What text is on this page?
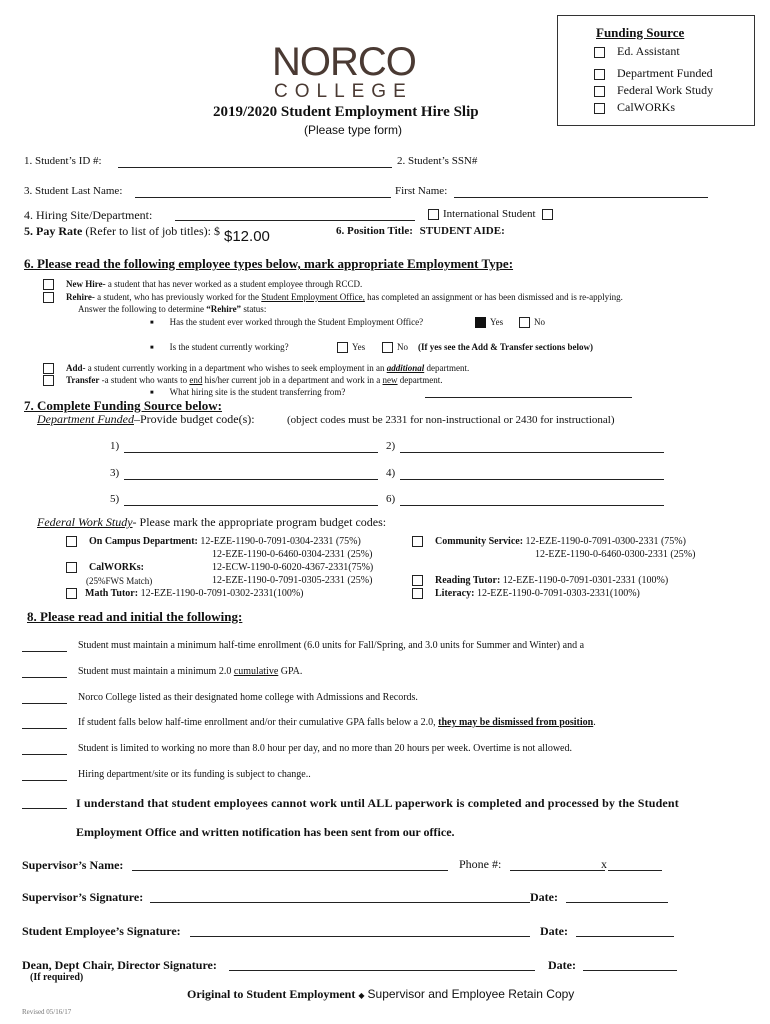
Funding Source
Ed. Assistant
Department Funded
Federal Work Study
CalWORKs
NORCO
COLLEGE
2019/2020 Student Employment Hire Slip
(Please type form)
1. Student’s ID #:	2. Student’s SSN#
3. Student Last Name:	First Name:
4. Hiring Site/Department:	International Student
5. Pay Rate (Refer to list of job titles): $ $12.00	6. Position Title: STUDENT AIDE:
6. Please read the following employee types below, mark appropriate Employment Type:
New Hire- a student that has never worked as a student employee through RCCD.
Rehire- a student, who has previously worked for the Student Employment Office, has completed an assignment or has been dismissed and is re-applying.
Answer the following to determine “Rehire” status:
■ Has the student ever worked through the Student Employment Office?	Yes	No
■ Is the student currently working?	Yes	No (If yes see the Add & Transfer sections below)
Add- a student currently working in a department who wishes to seek employment in an additional department.
Transfer -a student who wants to end his/her current job in a department and work in a new department.
■ What hiring site is the student transferring from?
7. Complete Funding Source below:
Department Funded–Provide budget code(s):	(object codes must be 2331 for non-instructional or 2430 for instructional)
1)	2)
3)	4)
5)	6)
Federal Work Study- Please mark the appropriate program budget codes:
On Campus Department: 12-EZE-1190-0-7091-0304-2331 (75%)
12-EZE-1190-0-6460-0304-2331 (25%)
CalWORKs:	12-ECW-1190-0-6020-4367-2331(75%)
(25%FWS Match)	12-EZE-1190-0-7091-0305-2331 (25%)
Math Tutor: 12-EZE-1190-0-7091-0302-2331(100%)
Community Service: 12-EZE-1190-0-7091-0300-2331 (75%)
12-EZE-1190-0-6460-0300-2331 (25%)
Reading Tutor: 12-EZE-1190-0-7091-0301-2331 (100%)
Literacy: 12-EZE-1190-0-7091-0303-2331(100%)
8. Please read and initial the following:
Student must maintain a minimum half-time enrollment (6.0 units for Fall/Spring, and 3.0 units for Summer and Winter) and a
Student must maintain a minimum 2.0 cumulative GPA.
Norco College listed as their designated home college with Admissions and Records.
If student falls below half-time enrollment and/or their cumulative GPA falls below a 2.0, they may be dismissed from position.
Student is limited to working no more than 8.0 hour per day, and no more than 20 hours per week. Overtime is not allowed.
Hiring department/site or its funding is subject to change..
I understand that student employees cannot work until ALL paperwork is completed and processed by the Student
Employment Office and written notification has been sent from our office.
Supervisor’s Name:	Phone #:	x
Supervisor’s Signature:	Date:
Student Employee’s Signature:	Date:
Dean, Dept Chair, Director Signature:	Date:
(If required)
Original to Student Employment ◆ Supervisor and Employee Retain Copy
Revised 05/16/17
